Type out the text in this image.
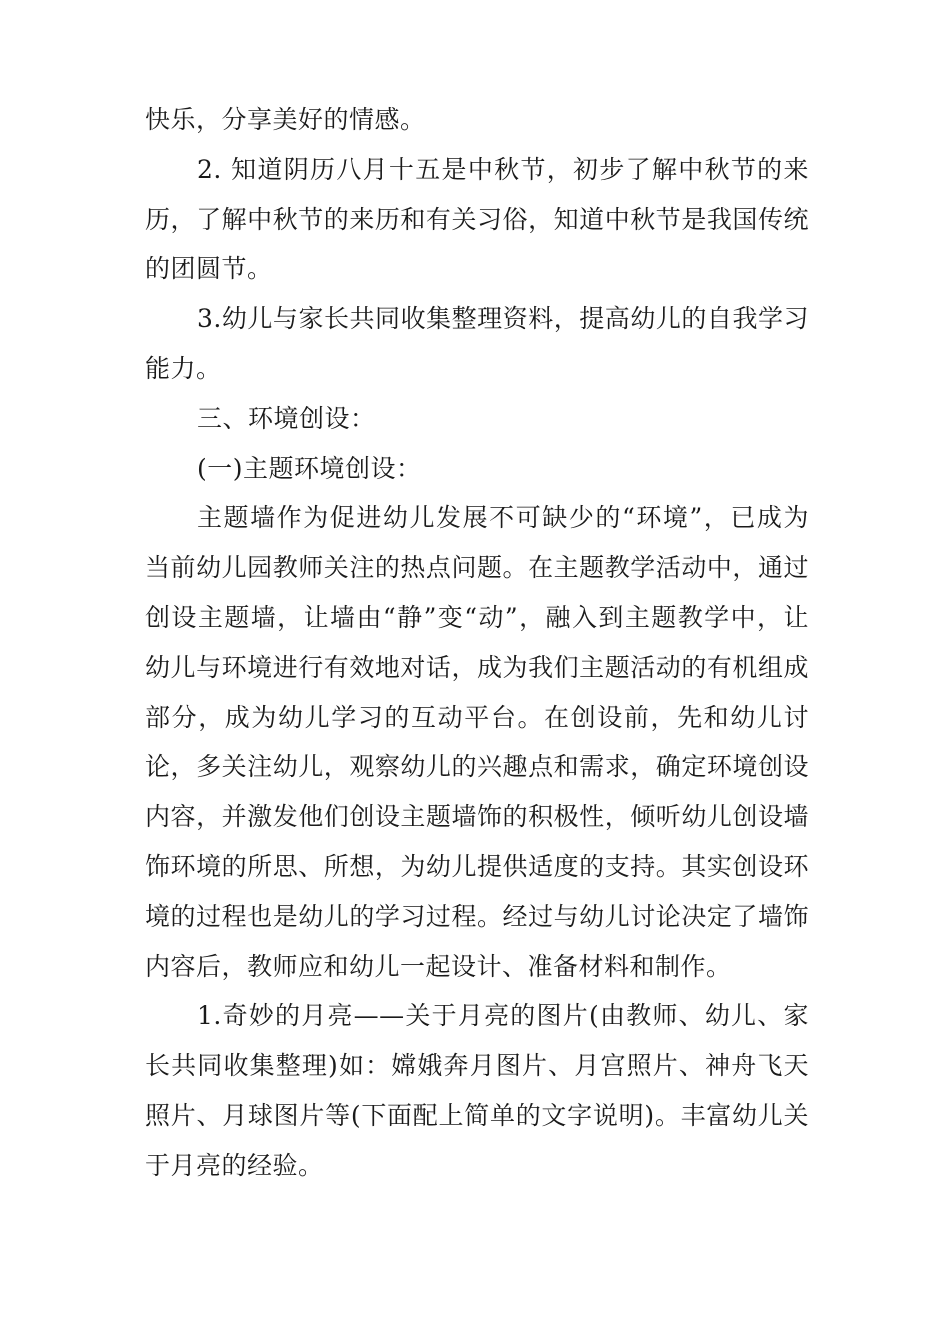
快乐，分享美好的情感。

2. 知道阴历八月十五是中秋节，初步了解中秋节的来历，了解中秋节的来历和有关习俗，知道中秋节是我国传统的团圆节。

3.幼儿与家长共同收集整理资料，提高幼儿的自我学习能力。

三、环境创设：

(一)主题环境创设：

主题墙作为促进幼儿发展不可缺少的“环境”，已成为当前幼儿园教师关注的热点问题。在主题教学活动中，通过创设主题墙，让墙由“静”变“动”，融入到主题教学中，让幼儿与环境进行有效地对话，成为我们主题活动的有机组成部分，成为幼儿学习的互动平台。在创设前，先和幼儿讨论，多关注幼儿，观察幼儿的兴趣点和需求，确定环境创设内容，并激发他们创设主题墙饰的积极性，倾听幼儿创设墙饰环境的所思、所想，为幼儿提供适度的支持。其实创设环境的过程也是幼儿的学习过程。经过与幼儿讨论决定了墙饰内容后，教师应和幼儿一起设计、准备材料和制作。

1.奇妙的月亮——关于月亮的图片(由教师、幼儿、家长共同收集整理)如：嫦娥奔月图片、月宫照片、神舟飞天照片、月球图片等(下面配上简单的文字说明)。丰富幼儿关于月亮的经验。
